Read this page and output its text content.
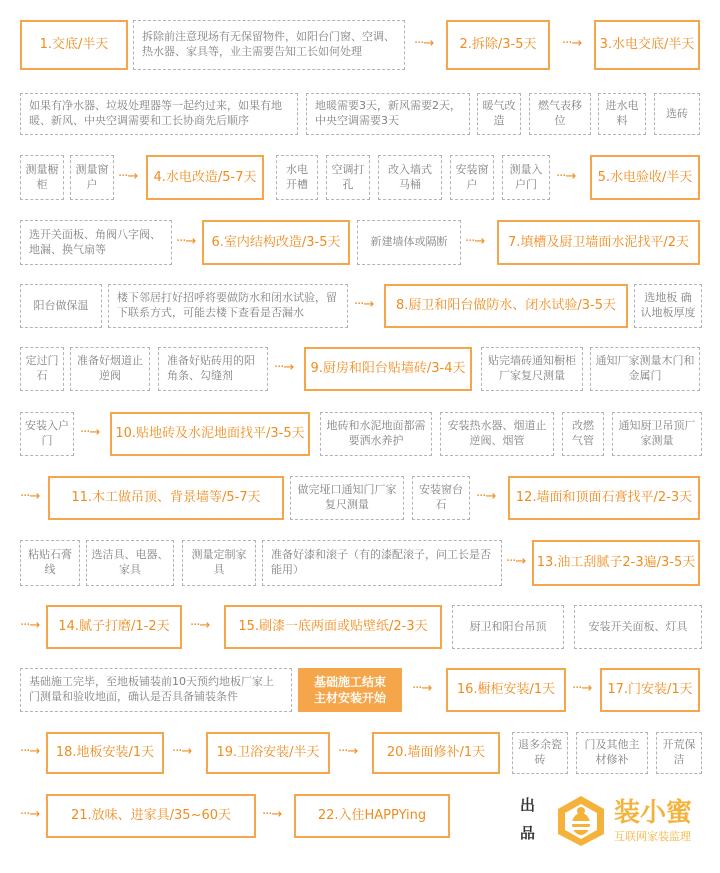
1.交底/半天
拆除前注意现场有无保留物件，如阳台门窗、空调、热水器、家具等，业主需要告知工长如何处理
···→ 2.拆除/3-5天 ···→ 3.水电交底/半天
如果有净水器、垃圾处理器等一起约过来，如果有地暖、新风、中央空调需要和工长协商先后顺序
地暖需要3天，新风需要2天，中央空调需要3天
暖气改造
燃气表移位
进水电料
选砖
测量橱柜
测量窗户
···→ 4.水电改造/5-7天
水电开槽
空调打孔
改入墙式马桶
安装窗户
测量入户门
···→ 5.水电验收/半天
选开关面板、角阀八字阀、地漏、换气扇等
···→ 6.室内结构改造/3-5天	新建墙体或隔断 ···→ 7.填槽及厨卫墙面水泥找平/2天
阳台做保温
楼下邻居打好招呼将要做防水和闭水试验，留下联系方式，可能去楼下查看是否漏水
···→ 8.厨卫和阳台做防水、闭水试验/3-5天
选地板 确认地板厚度
定过门石
准备好烟道止逆阀
准备好贴砖用的阳角条、勾缝剂
···→ 9.厨房和阳台贴墙砖/3-4天
贴完墙砖通知橱柜厂家复尺测量
通知厂家测量木门和金属门
安装入户门
···→ 10.贴地砖及水泥地面找平/3-5天
地砖和水泥地面都需要洒水养护
安装热水器、烟道止逆阀、烟管
改燃气管
通知厨卫吊顶厂家测量
···→ 11.木工做吊顶、背景墙等/5-7天
做完垭口通知门厂家复尺测量
安装窗台石
···→ 12.墙面和顶面石膏找平/2-3天
粘贴石膏线
选洁具、电器、家具
测量定制家具
准备好漆和滚子（有的漆配滚子，问工长是否能用）
···→ 13.油工刮腻子2-3遍/3-5天
···→ 14.腻子打磨/1-2天 ···→ 15.刷漆一底两面或贴壁纸/2-3天	厨卫和阳台吊顶	安装开关面板、灯具
基础施工完毕，至地板铺装前10天预约地板厂家上门测量和验收地面，确认是否具备铺装条件
基础施工结束
主材安装开始
···→ 16.橱柜安装/1天 ···→ 17.门安装/1天
···→ 18.地板安装/1天 ···→ 19.卫浴安装/半天 ···→ 20.墙面修补/1天
退多余瓷砖
门及其他主材修补
开荒保洁
···→ 21.放味、进家具/35~60天 ···→	22.入住HAPPYing
出
品
装小蜜
互联网家装监理
